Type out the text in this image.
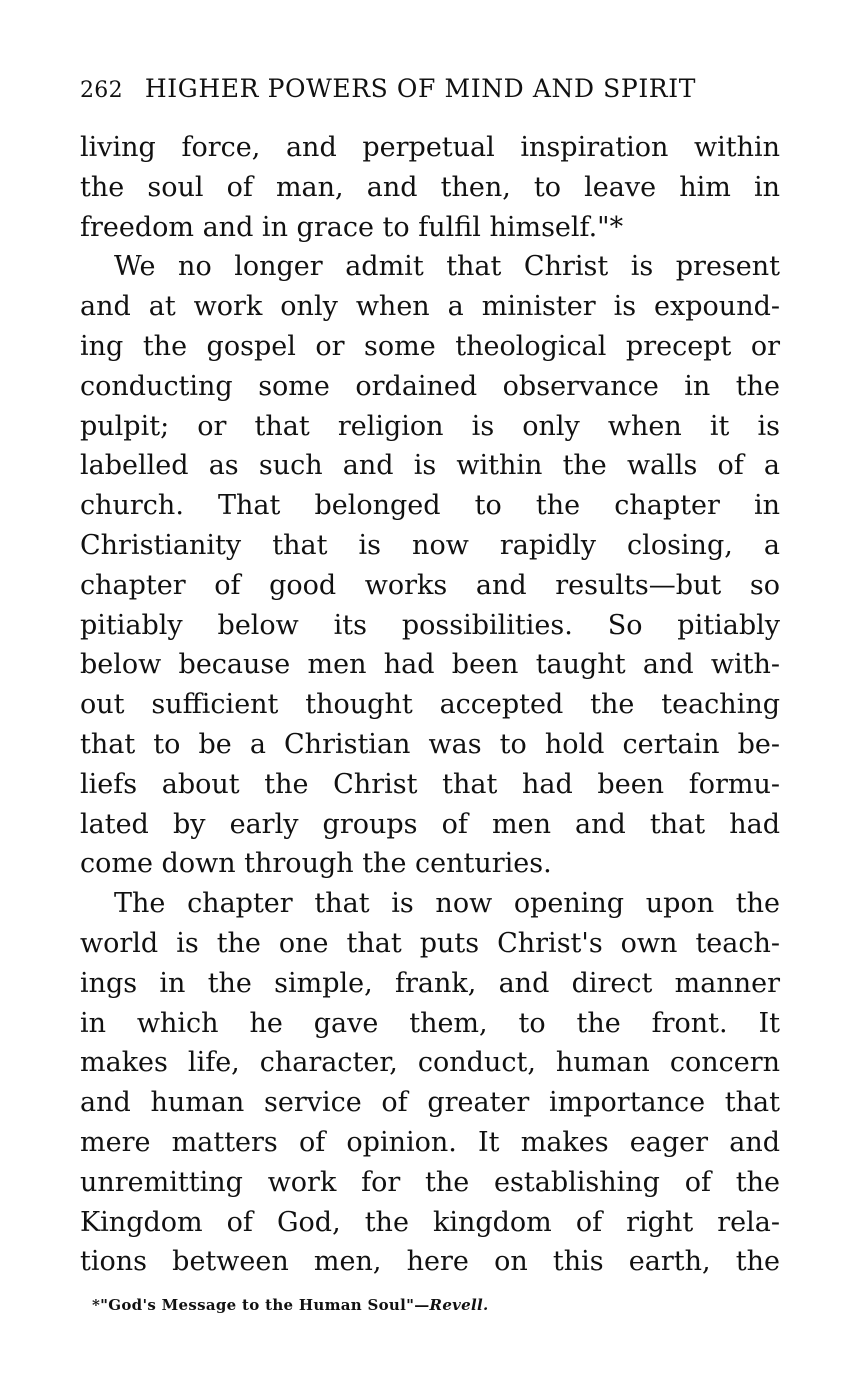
262 HIGHER POWERS OF MIND AND SPIRIT
living force, and perpetual inspiration within
the soul of man, and then, to leave him in
freedom and in grace to fulfil himself."*
We no longer admit that Christ is present
and at work only when a minister is expound-
ing the gospel or some theological precept or
conducting some ordained observance in the
pulpit; or that religion is only when it is
labelled as such and is within the walls of a
church. That belonged to the chapter in
Christianity that is now rapidly closing, a
chapter of good works and results—but so
pitiably below its possibilities. So pitiably
below because men had been taught and with-
out sufficient thought accepted the teaching
that to be a Christian was to hold certain be-
liefs about the Christ that had been formu-
lated by early groups of men and that had
come down through the centuries.
The chapter that is now opening upon the
world is the one that puts Christ's own teach-
ings in the simple, frank, and direct manner
in which he gave them, to the front. It
makes life, character, conduct, human concern
and human service of greater importance that
mere matters of opinion. It makes eager and
unremitting work for the establishing of the
Kingdom of God, the kingdom of right rela-
tions between men, here on this earth, the
*"God's Message to the Human Soul"—Revell.
